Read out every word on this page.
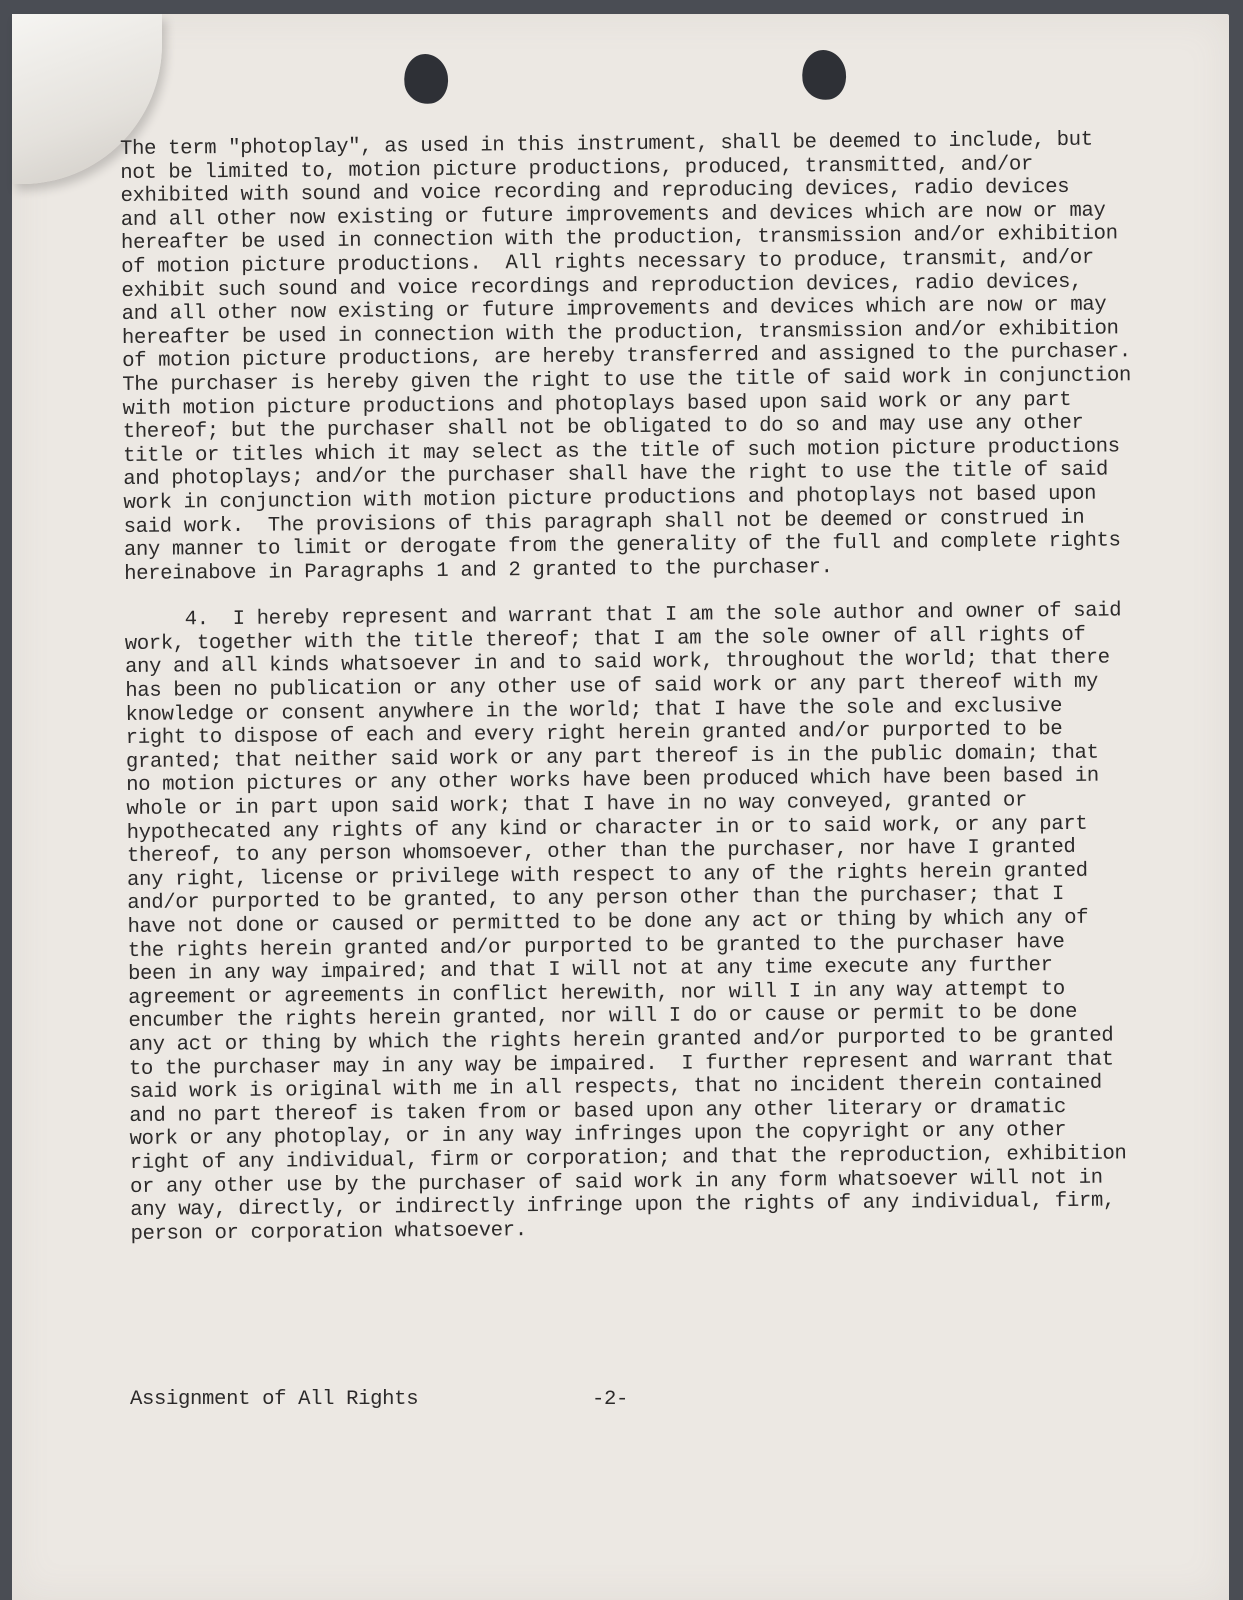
The term "photoplay", as used in this instrument, shall be deemed to include, but
not be limited to, motion picture productions, produced, transmitted, and/or
exhibited with sound and voice recording and reproducing devices, radio devices
and all other now existing or future improvements and devices which are now or may
hereafter be used in connection with the production, transmission and/or exhibition
of motion picture productions.  All rights necessary to produce, transmit, and/or
exhibit such sound and voice recordings and reproduction devices, radio devices,
and all other now existing or future improvements and devices which are now or may
hereafter be used in connection with the production, transmission and/or exhibition
of motion picture productions, are hereby transferred and assigned to the purchaser.
The purchaser is hereby given the right to use the title of said work in conjunction
with motion picture productions and photoplays based upon said work or any part
thereof; but the purchaser shall not be obligated to do so and may use any other
title or titles which it may select as the title of such motion picture productions
and photoplays; and/or the purchaser shall have the right to use the title of said
work in conjunction with motion picture productions and photoplays not based upon
said work.  The provisions of this paragraph shall not be deemed or construed in
any manner to limit or derogate from the generality of the full and complete rights
hereinabove in Paragraphs 1 and 2 granted to the purchaser.
4.  I hereby represent and warrant that I am the sole author and owner of said
work, together with the title thereof; that I am the sole owner of all rights of
any and all kinds whatsoever in and to said work, throughout the world; that there
has been no publication or any other use of said work or any part thereof with my
knowledge or consent anywhere in the world; that I have the sole and exclusive
right to dispose of each and every right herein granted and/or purported to be
granted; that neither said work or any part thereof is in the public domain; that
no motion pictures or any other works have been produced which have been based in
whole or in part upon said work; that I have in no way conveyed, granted or
hypothecated any rights of any kind or character in or to said work, or any part
thereof, to any person whomsoever, other than the purchaser, nor have I granted
any right, license or privilege with respect to any of the rights herein granted
and/or purported to be granted, to any person other than the purchaser; that I
have not done or caused or permitted to be done any act or thing by which any of
the rights herein granted and/or purported to be granted to the purchaser have
been in any way impaired; and that I will not at any time execute any further
agreement or agreements in conflict herewith, nor will I in any way attempt to
encumber the rights herein granted, nor will I do or cause or permit to be done
any act or thing by which the rights herein granted and/or purported to be granted
to the purchaser may in any way be impaired.  I further represent and warrant that
said work is original with me in all respects, that no incident therein contained
and no part thereof is taken from or based upon any other literary or dramatic
work or any photoplay, or in any way infringes upon the copyright or any other
right of any individual, firm or corporation; and that the reproduction, exhibition
or any other use by the purchaser of said work in any form whatsoever will not in
any way, directly, or indirectly infringe upon the rights of any individual, firm,
person or corporation whatsoever.
Assignment of All Rights	-2-
